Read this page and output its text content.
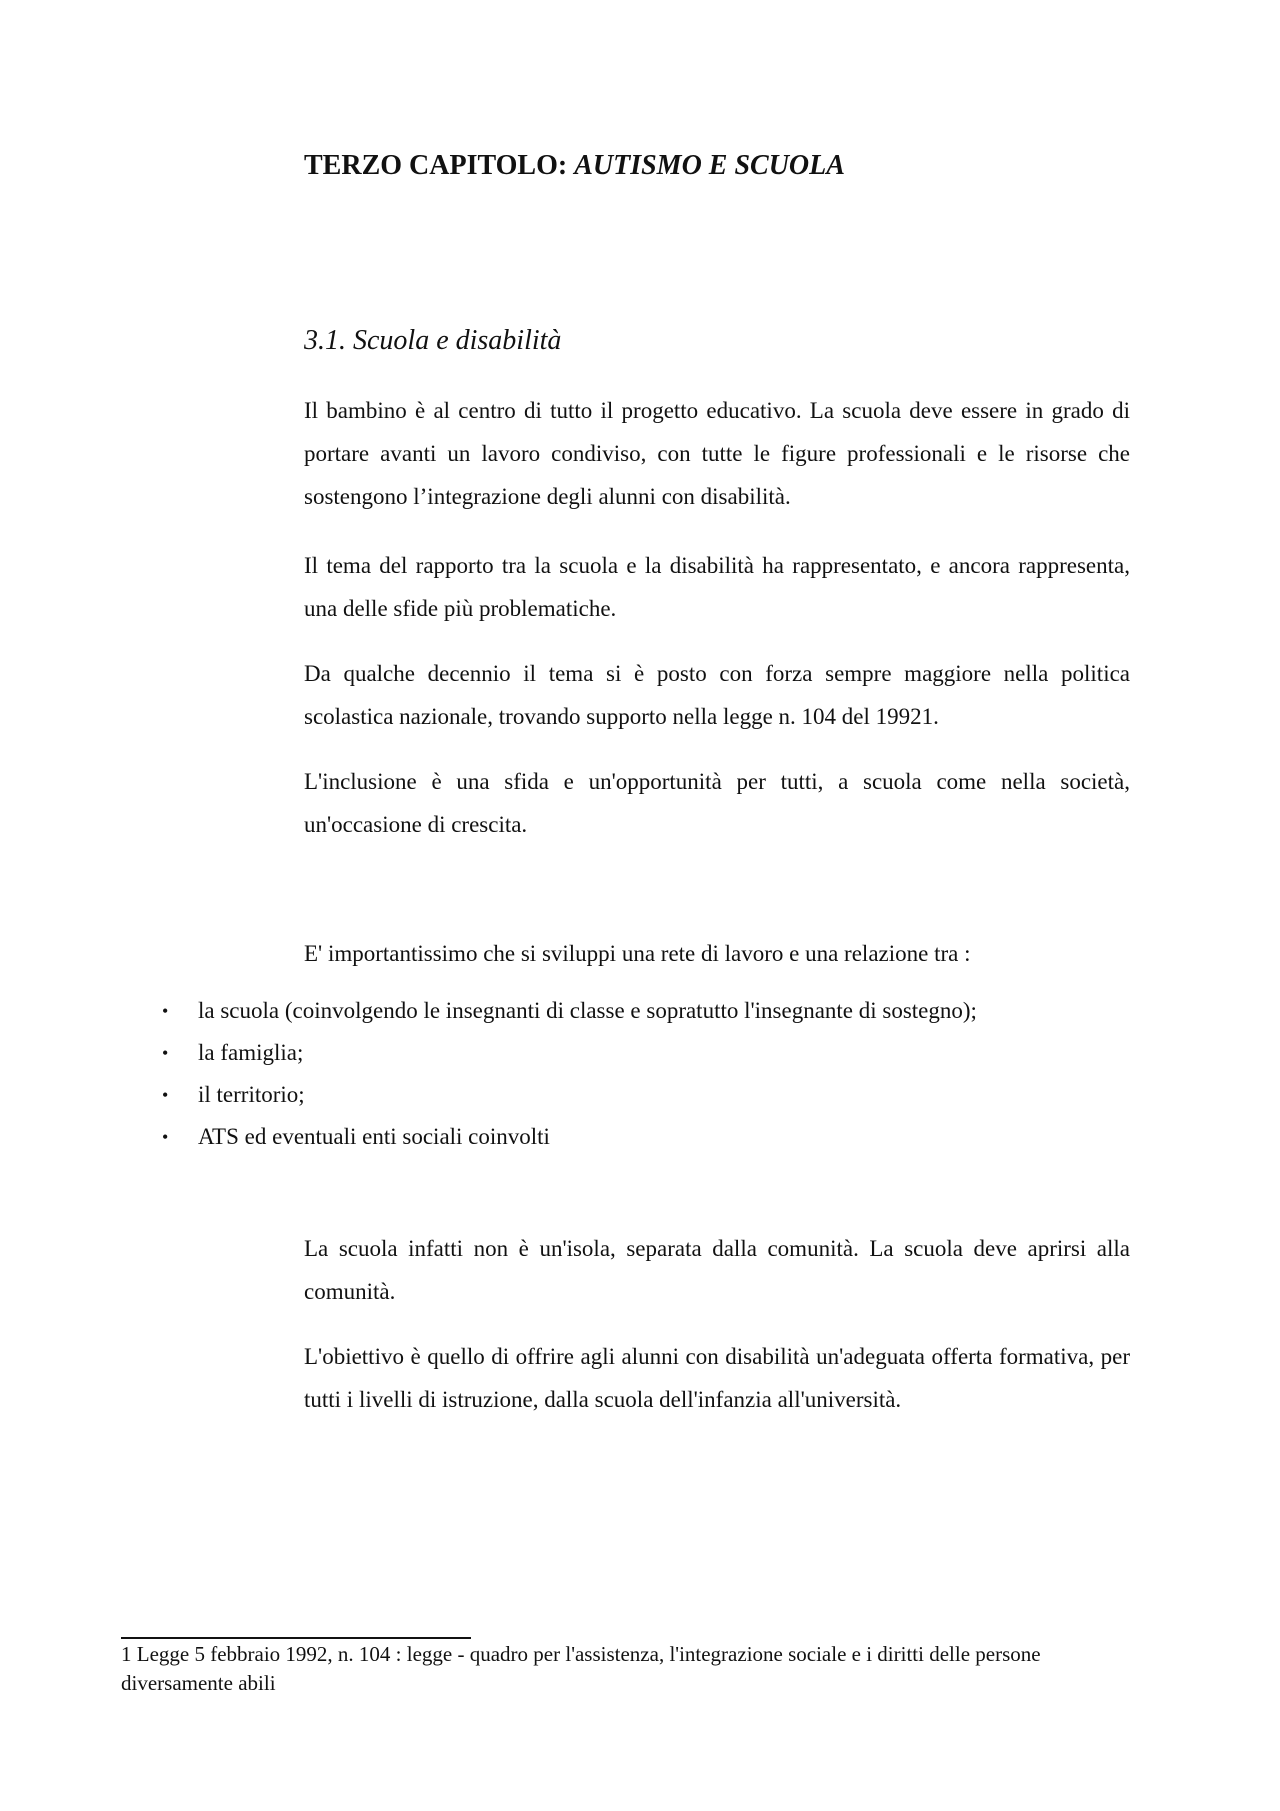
TERZO CAPITOLO: AUTISMO E SCUOLA
3.1. Scuola e disabilità

Il bambino è al centro di tutto il progetto educativo. La scuola deve essere in grado di portare avanti un lavoro condiviso, con tutte le figure professionali e le risorse che sostengono l’integrazione degli alunni con disabilità.

Il tema del rapporto tra la scuola e la disabilità ha rappresentato, e ancora rappresenta, una delle sfide più problematiche.

Da qualche decennio il tema si è posto con forza sempre maggiore nella politica scolastica nazionale, trovando supporto nella legge n. 104 del 19921.

L'inclusione è una sfida e un'opportunità per tutti, a scuola come nella società, un'occasione di crescita.

E' importantissimo che si sviluppi una rete di lavoro e una relazione tra :

• la scuola (coinvolgendo le insegnanti di classe e sopratutto l'insegnante di sostegno);
• la famiglia;
• il territorio;
• ATS ed eventuali enti sociali coinvolti

La scuola infatti non è un'isola, separata dalla comunità. La scuola deve aprirsi alla comunità.

L'obiettivo è quello di offrire agli alunni con disabilità un'adeguata offerta formativa, per tutti i livelli di istruzione, dalla scuola dell'infanzia all'università.

1 Legge 5 febbraio 1992, n. 104 : legge - quadro per l'assistenza, l'integrazione sociale e i diritti delle persone diversamente abili
